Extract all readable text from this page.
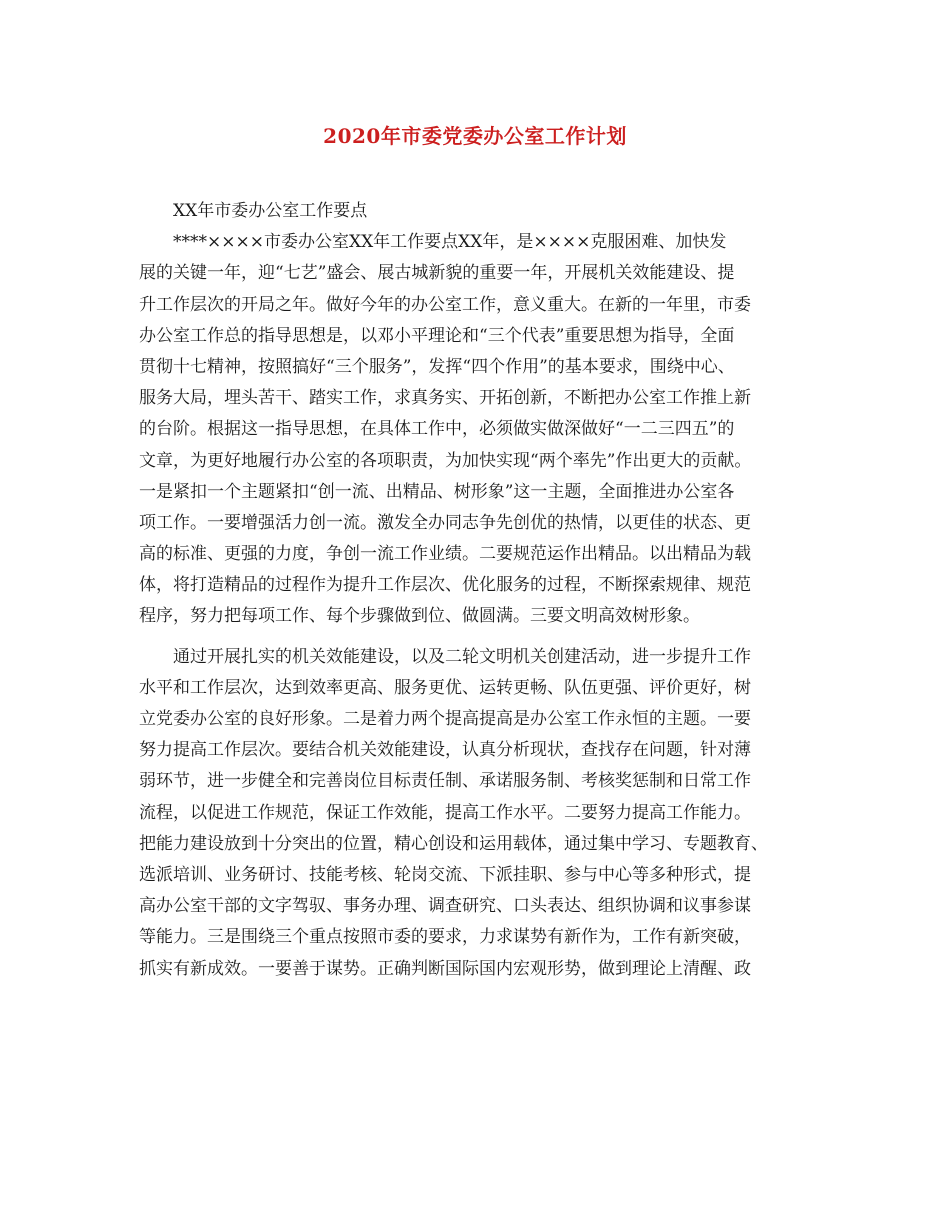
2020年市委党委办公室工作计划
XX年市委办公室工作要点
****××××市委办公室XX年工作要点XX年，是××××克服困难、加快发
展的关键一年，迎“七艺”盛会、展古城新貌的重要一年，开展机关效能建设、提
升工作层次的开局之年。做好今年的办公室工作，意义重大。在新的一年里，市委
办公室工作总的指导思想是，以邓小平理论和“三个代表”重要思想为指导，全面
贯彻十七精神，按照搞好“三个服务”，发挥“四个作用”的基本要求，围绕中心、
服务大局，埋头苦干、踏实工作，求真务实、开拓创新，不断把办公室工作推上新
的台阶。根据这一指导思想，在具体工作中，必须做实做深做好“一二三四五”的
文章，为更好地履行办公室的各项职责，为加快实现“两个率先”作出更大的贡献。
一是紧扣一个主题紧扣“创一流、出精品、树形象”这一主题，全面推进办公室各
项工作。一要增强活力创一流。激发全办同志争先创优的热情，以更佳的状态、更
高的标准、更强的力度，争创一流工作业绩。二要规范运作出精品。以出精品为载
体，将打造精品的过程作为提升工作层次、优化服务的过程，不断探索规律、规范
程序，努力把每项工作、每个步骤做到位、做圆满。三要文明高效树形象。
通过开展扎实的机关效能建设，以及二轮文明机关创建活动，进一步提升工作
水平和工作层次，达到效率更高、服务更优、运转更畅、队伍更强、评价更好，树
立党委办公室的良好形象。二是着力两个提高提高是办公室工作永恒的主题。一要
努力提高工作层次。要结合机关效能建设，认真分析现状，查找存在问题，针对薄
弱环节，进一步健全和完善岗位目标责任制、承诺服务制、考核奖惩制和日常工作
流程，以促进工作规范，保证工作效能，提高工作水平。二要努力提高工作能力。
把能力建设放到十分突出的位置，精心创设和运用载体，通过集中学习、专题教育、
选派培训、业务研讨、技能考核、轮岗交流、下派挂职、参与中心等多种形式，提
高办公室干部的文字驾驭、事务办理、调查研究、口头表达、组织协调和议事参谋
等能力。三是围绕三个重点按照市委的要求，力求谋势有新作为，工作有新突破，
抓实有新成效。一要善于谋势。正确判断国际国内宏观形势，做到理论上清醒、政
